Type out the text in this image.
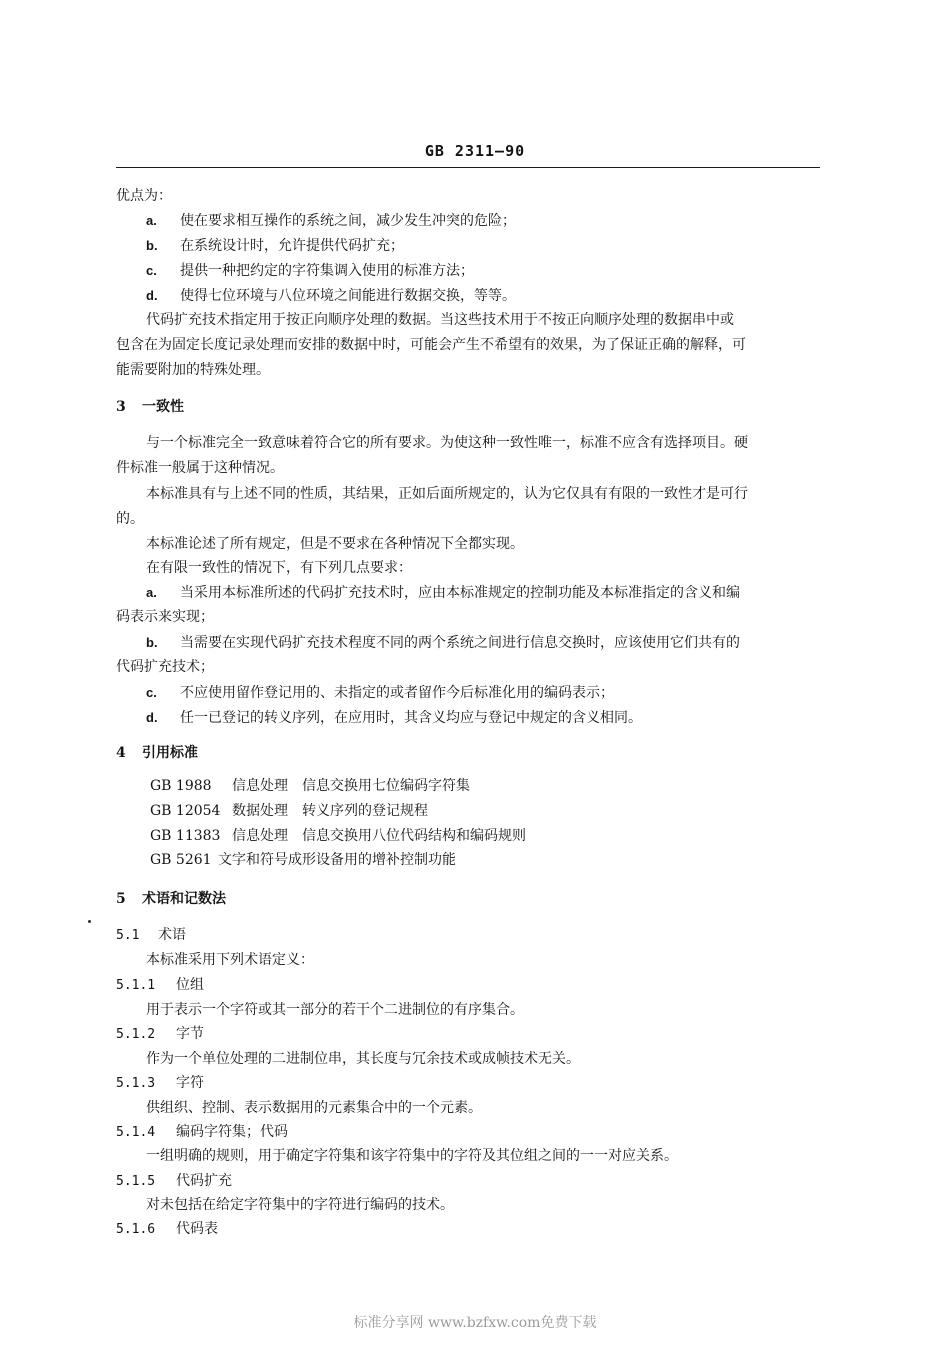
GB 2311—90
优点为：
a. 使在要求相互操作的系统之间，减少发生冲突的危险；
b. 在系统设计时，允许提供代码扩充；
c. 提供一种把约定的字符集调入使用的标准方法；
d. 使得七位环境与八位环境之间能进行数据交换，等等。
代码扩充技术指定用于按正向顺序处理的数据。当这些技术用于不按正向顺序处理的数据串中或
包含在为固定长度记录处理而安排的数据中时，可能会产生不希望有的效果，为了保证正确的解释，可
能需要附加的特殊处理。
3 一致性
与一个标准完全一致意味着符合它的所有要求。为使这种一致性唯一，标准不应含有选择项目。硬
件标准一般属于这种情况。
本标准具有与上述不同的性质，其结果，正如后面所规定的，认为它仅具有有限的一致性才是可行
的。
本标准论述了所有规定，但是不要求在各种情况下全都实现。
在有限一致性的情况下，有下列几点要求：
a. 当采用本标准所述的代码扩充技术时，应由本标准规定的控制功能及本标准指定的含义和编
码表示来实现；
b. 当需要在实现代码扩充技术程度不同的两个系统之间进行信息交换时，应该使用它们共有的
代码扩充技术；
c. 不应使用留作登记用的、未指定的或者留作今后标准化用的编码表示；
d. 任一已登记的转义序列，在应用时，其含义均应与登记中规定的含义相同。
4 引用标准
GB 1988 信息处理　信息交换用七位编码字符集
GB 12054 数据处理　转义序列的登记规程
GB 11383 信息处理　信息交换用八位代码结构和编码规则
GB 5261 文字和符号成形设备用的增补控制功能
5 术语和记数法
5.1 术语
本标准采用下列术语定义：
5.1.1 位组
用于表示一个字符或其一部分的若干个二进制位的有序集合。
5.1.2 字节
作为一个单位处理的二进制位串，其长度与冗余技术或成帧技术无关。
5.1.3 字符
供组织、控制、表示数据用的元素集合中的一个元素。
5.1.4 编码字符集；代码
一组明确的规则，用于确定字符集和该字符集中的字符及其位组之间的一一对应关系。
5.1.5 代码扩充
对未包括在给定字符集中的字符进行编码的技术。
5.1.6 代码表
标准分享网 www.bzfxw.com免费下载
